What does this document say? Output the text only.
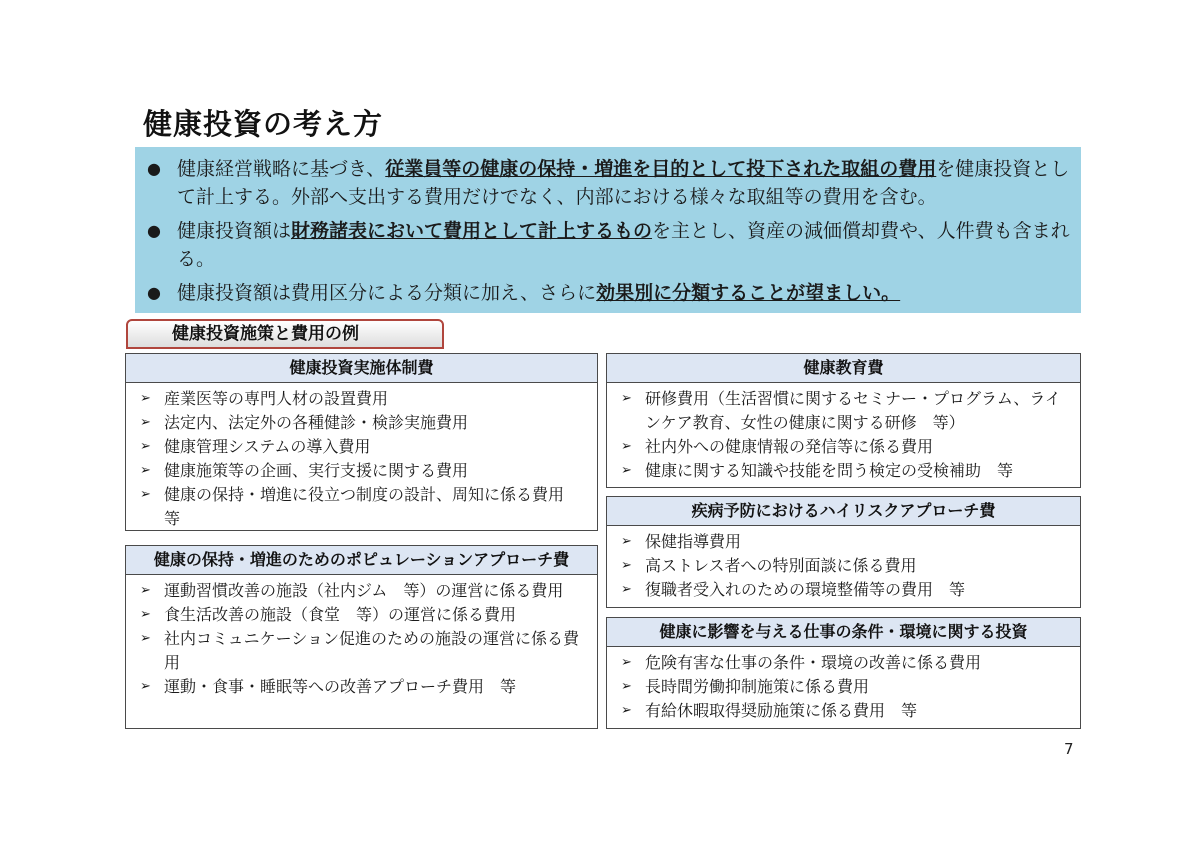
健康投資の考え方
● 健康経営戦略に基づき、従業員等の健康の保持・増進を目的として投下された取組の費用を健康投資として計上する。外部へ支出する費用だけでなく、内部における様々な取組等の費用を含む。
● 健康投資額は財務諸表において費用として計上するものを主とし、資産の減価償却費や、人件費も含まれる。
● 健康投資額は費用区分による分類に加え、さらに効果別に分類することが望ましい。
健康投資施策と費用の例
健康投資実施体制費
➢ 産業医等の専門人材の設置費用
➢ 法定内、法定外の各種健診・検診実施費用
➢ 健康管理システムの導入費用
➢ 健康施策等の企画、実行支援に関する費用
➢ 健康の保持・増進に役立つ制度の設計、周知に係る費用　等
健康の保持・増進のためのポピュレーションアプローチ費
➢ 運動習慣改善の施設（社内ジム　等）の運営に係る費用
➢ 食生活改善の施設（食堂　等）の運営に係る費用
➢ 社内コミュニケーション促進のための施設の運営に係る費用
➢ 運動・食事・睡眠等への改善アプローチ費用　等
健康教育費
➢ 研修費用（生活習慣に関するセミナー・プログラム、ラインケア教育、女性の健康に関する研修　等）
➢ 社内外への健康情報の発信等に係る費用
➢ 健康に関する知識や技能を問う検定の受検補助　等
疾病予防におけるハイリスクアプローチ費
➢ 保健指導費用
➢ 高ストレス者への特別面談に係る費用
➢ 復職者受入れのための環境整備等の費用　等
健康に影響を与える仕事の条件・環境に関する投資
➢ 危険有害な仕事の条件・環境の改善に係る費用
➢ 長時間労働抑制施策に係る費用
➢ 有給休暇取得奨励施策に係る費用　等
7
